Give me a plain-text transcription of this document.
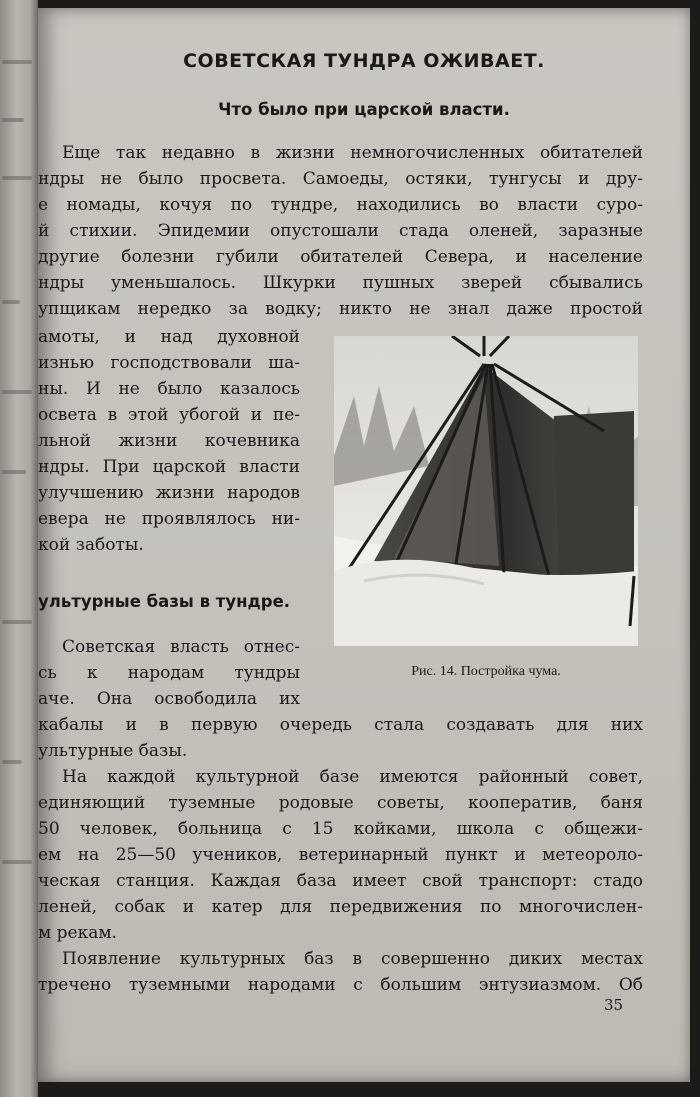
СОВЕТСКАЯ ТУНДРА ОЖИВАЕТ.
Что было при царской власти.
Еще так недавно в жизни немногочисленных обитателей
ндры не было просвета. Самоеды, остяки, тунгусы и дру-
е номады, кочуя по тундре, находились во власти суро-
й стихии. Эпидемии опустошали стада оленей, заразные
другие болезни губили обитателей Севера, и население
ндры уменьшалось. Шкурки пушных зверей сбывались
упщикам нередко за водку; никто не знал даже простой
амоты, и над духовной
изнью господствовали ша-
ны. И не было казалось
освета в этой убогой и пе-
льной жизни кочевника
ндры. При царской власти
улучшению жизни народов
евера не проявлялось ни-
кой заботы.
ультурные базы в тундре.
Советская власть отнес-
сь к народам тундры
аче. Она освободила их
кабалы и в первую очередь стала создавать для них
ультурные базы.
На каждой культурной базе имеются районный совет,
единяющий туземные родовые советы, кооператив, баня
50 человек, больница с 15 койками, школа с общежи-
ем на 25—50 учеников, ветеринарный пункт и метеороло-
ческая станция. Каждая база имеет свой транспорт: стадо
леней, собак и катер для передвижения по многочислен-
м рекам.
Появление культурных баз в совершенно диких местах
тречено туземными народами с большим энтузиазмом. Об
Рис. 14. Постройка чума.
35
